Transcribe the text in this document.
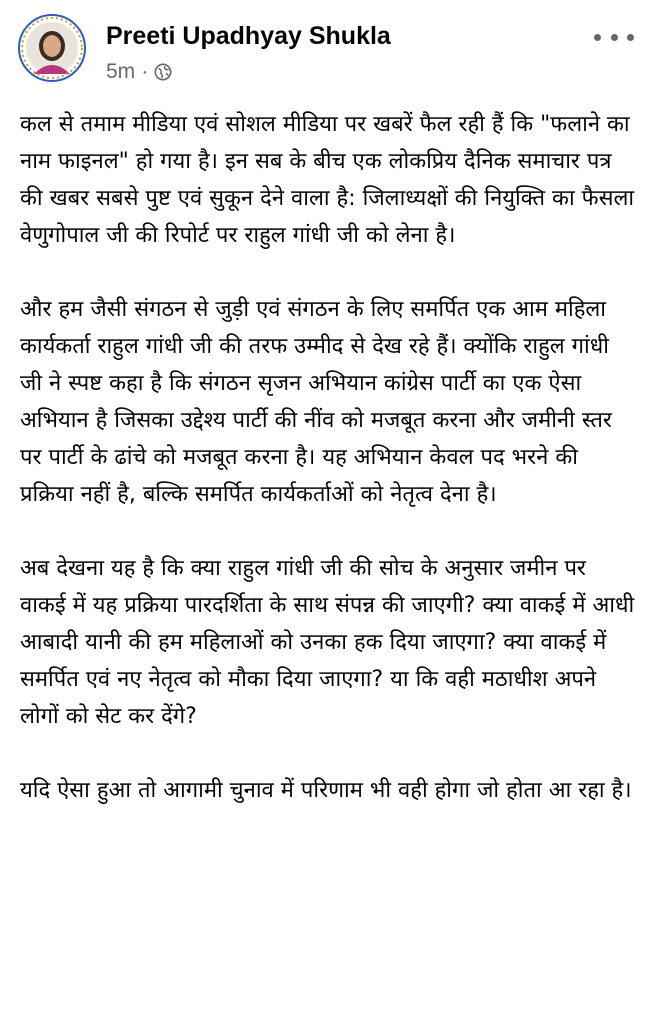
Preeti Upadhyay Shukla
5m ·

कल से तमाम मीडिया एवं सोशल मीडिया पर खबरें फैल रही हैं कि "फलाने का नाम फाइनल" हो गया है। इन सब के बीच एक लोकप्रिय दैनिक समाचार पत्र की खबर सबसे पुष्ट एवं सुकून देने वाला है: जिलाध्यक्षों की नियुक्ति का फैसला वेणुगोपाल जी की रिपोर्ट पर राहुल गांधी जी को लेना है।

और हम जैसी संगठन से जुड़ी एवं संगठन के लिए समर्पित एक आम महिला कार्यकर्ता राहुल गांधी जी की तरफ उम्मीद से देख रहे हैं। क्योंकि राहुल गांधी जी ने स्पष्ट कहा है कि संगठन सृजन अभियान कांग्रेस पार्टी का एक ऐसा अभियान है जिसका उद्देश्य पार्टी की नींव को मजबूत करना और जमीनी स्तर पर पार्टी के ढांचे को मजबूत करना है। यह अभियान केवल पद भरने की प्रक्रिया नहीं है, बल्कि समर्पित कार्यकर्ताओं को नेतृत्व देना है।

अब देखना यह है कि क्या राहुल गांधी जी की सोच के अनुसार जमीन पर वाकई में यह प्रक्रिया पारदर्शिता के साथ संपन्न की जाएगी? क्या वाकई में आधी आबादी यानी की हम महिलाओं को उनका हक दिया जाएगा? क्या वाकई में समर्पित एवं नए नेतृत्व को मौका दिया जाएगा? या कि वही मठाधीश अपने लोगों को सेट कर देंगे?

यदि ऐसा हुआ तो आगामी चुनाव में परिणाम भी वही होगा जो होता आ रहा है।
